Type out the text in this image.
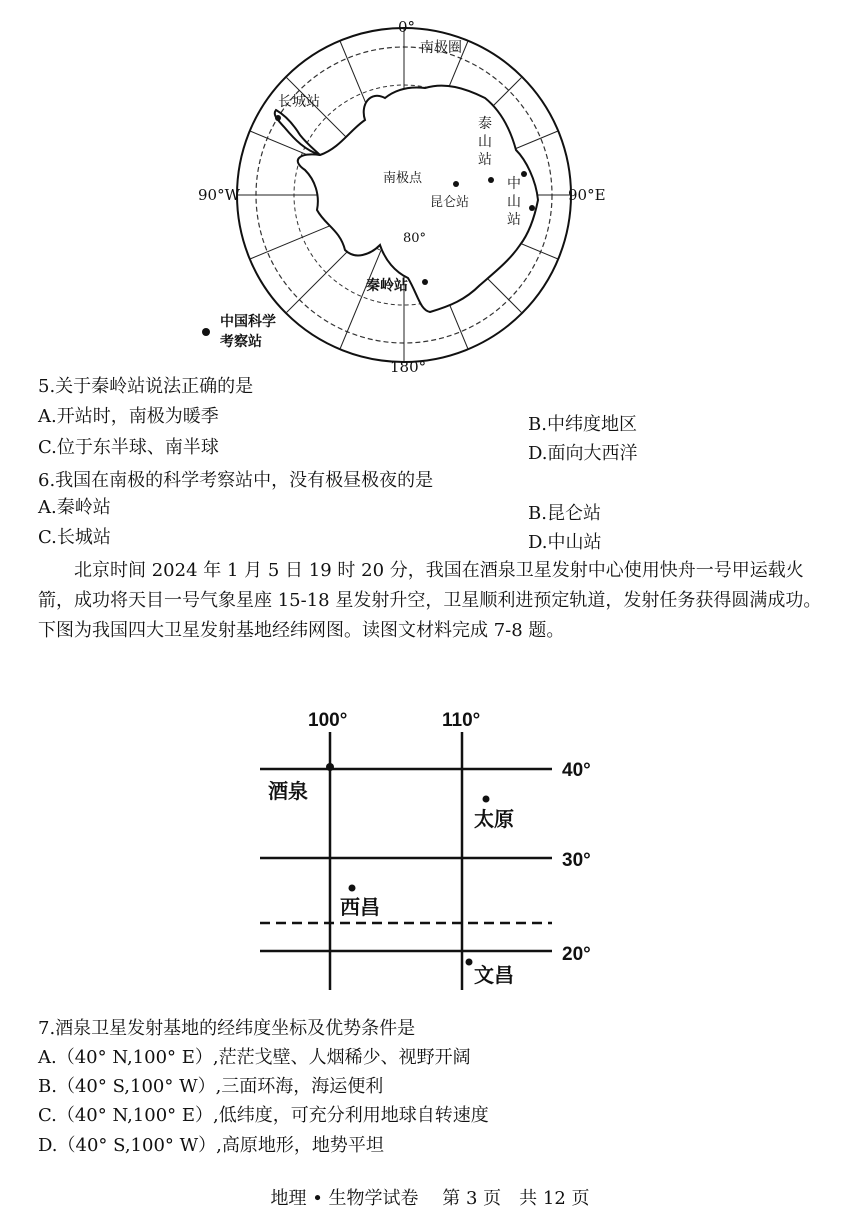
0°
180°
90°W	90°E
南极圈
长城站
南极点
昆仑站
80°
秦岭站
泰山站
中山站
中国科学考察站
5.关于秦岭站说法正确的是
A.开站时，南极为暖季	B.中纬度地区
C.位于东半球、南半球	D.面向大西洋
6.我国在南极的科学考察站中，没有极昼极夜的是
A.秦岭站	B.昆仑站
C.长城站	D.中山站
北京时间 2024 年 1 月 5 日 19 时 20 分，我国在酒泉卫星发射中心使用快舟一号甲运载火箭，成功将天目一号气象星座 15-18 星发射升空，卫星顺利进预定轨道，发射任务获得圆满成功。下图为我国四大卫星发射基地经纬网图。读图文材料完成 7-8 题。
100°	110°
40°
30°
20°
酒泉
太原
西昌
文昌
7.酒泉卫星发射基地的经纬度坐标及优势条件是
A.（40° N,100° E）,茫茫戈壁、人烟稀少、视野开阔
B.（40° S,100° W）,三面环海，海运便利
C.（40° N,100° E）,低纬度，可充分利用地球自转速度
D.（40° S,100° W）,高原地形，地势平坦
地理 • 生物学试卷　 第 3 页　共 12 页
